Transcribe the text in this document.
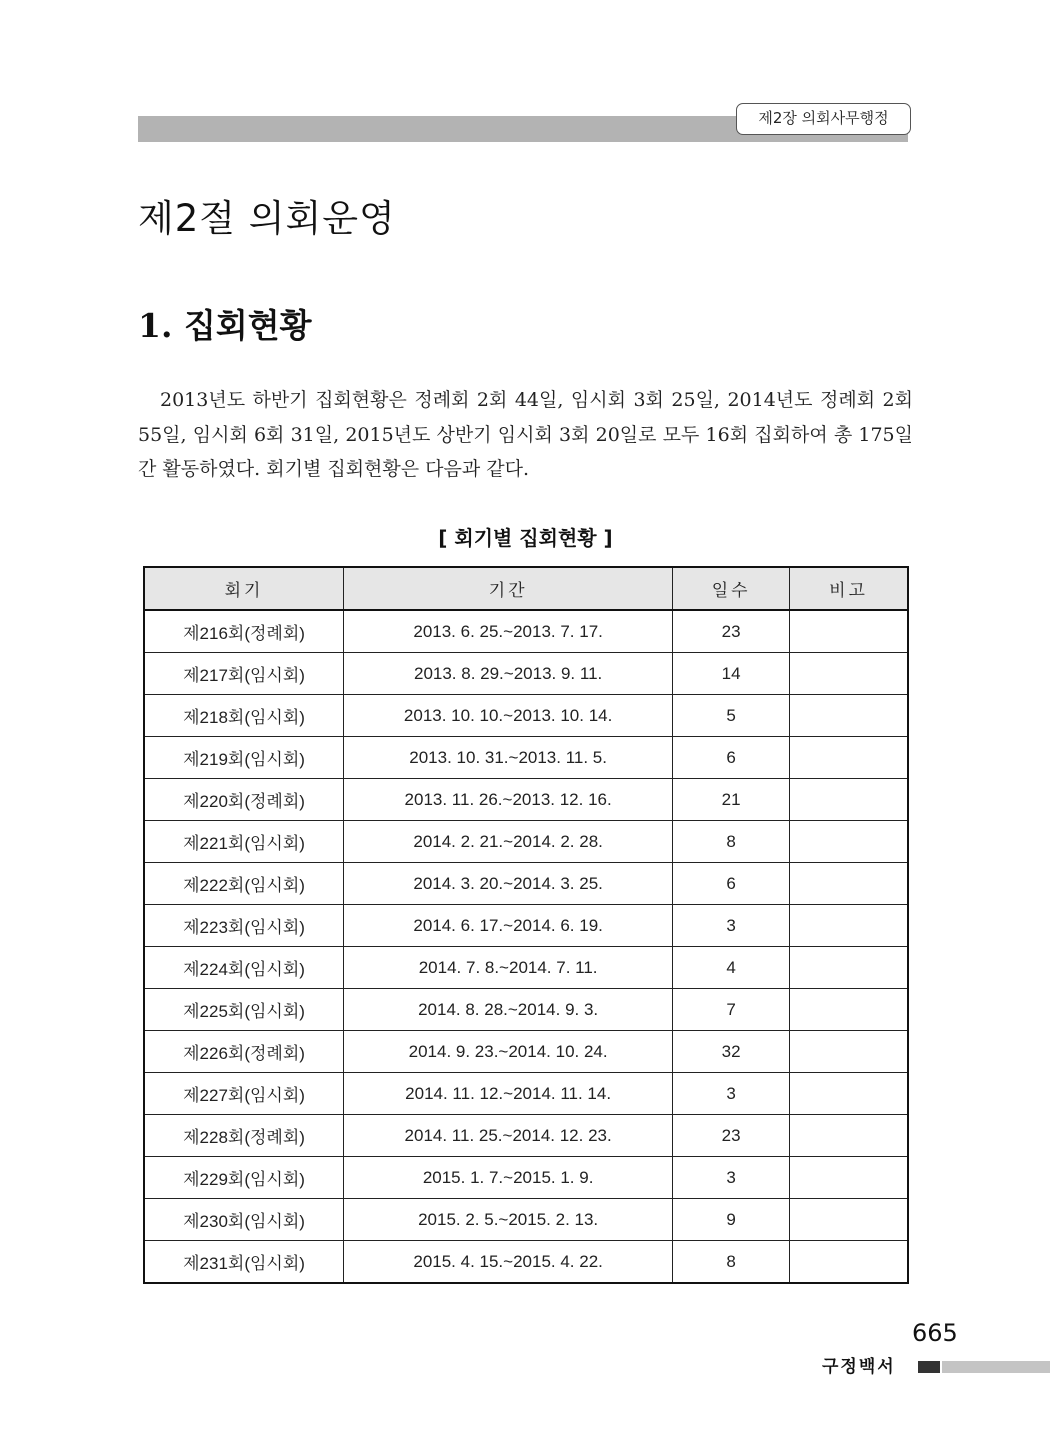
제2장 의회사무행정
제2절 의회운영
1. 집회현황

2013년도 하반기 집회현황은 정례회 2회 44일, 임시회 3회 25일, 2014년도 정례회 2회 55일, 임시회 6회 31일, 2015년도 상반기 임시회 3회 20일로 모두 16회 집회하여 총 175일간 활동하였다. 회기별 집회현황은 다음과 같다.

[ 회기별 집회현황 ]
회기	기간	일수	비고
제216회(정례회)	2013. 6. 25.~2013. 7. 17.	23	
제217회(임시회)	2013. 8. 29.~2013. 9. 11.	14	
제218회(임시회)	2013. 10. 10.~2013. 10. 14.	5	
제219회(임시회)	2013. 10. 31.~2013. 11. 5.	6	
제220회(정례회)	2013. 11. 26.~2013. 12. 16.	21	
제221회(임시회)	2014. 2. 21.~2014. 2. 28.	8	
제222회(임시회)	2014. 3. 20.~2014. 3. 25.	6	
제223회(임시회)	2014. 6. 17.~2014. 6. 19.	3	
제224회(임시회)	2014. 7. 8.~2014. 7. 11.	4	
제225회(임시회)	2014. 8. 28.~2014. 9. 3.	7	
제226회(정례회)	2014. 9. 23.~2014. 10. 24.	32	
제227회(임시회)	2014. 11. 12.~2014. 11. 14.	3	
제228회(정례회)	2014. 11. 25.~2014. 12. 23.	23	
제229회(임시회)	2015. 1. 7.~2015. 1. 9.	3	
제230회(임시회)	2015. 2. 5.~2015. 2. 13.	9	
제231회(임시회)	2015. 4. 15.~2015. 4. 22.	8	
665
구정백서
